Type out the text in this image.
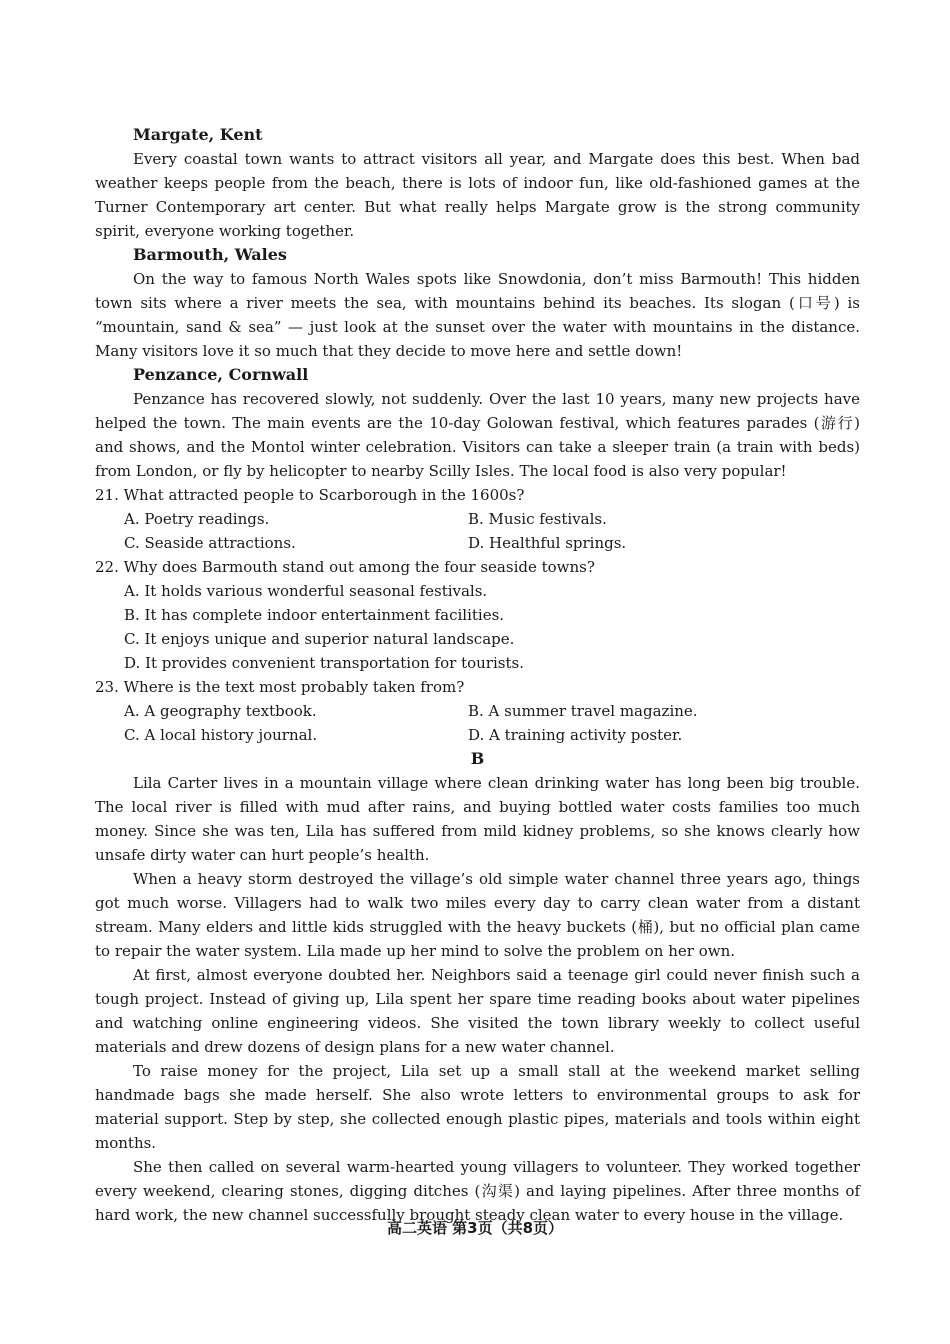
Margate, Kent

Every coastal town wants to attract visitors all year, and Margate does this best. When bad weather keeps people from the beach, there is lots of indoor fun, like old-fashioned games at the Turner Contemporary art center. But what really helps Margate grow is the strong community spirit, everyone working together.

Barmouth, Wales

On the way to famous North Wales spots like Snowdonia, don’t miss Barmouth! This hidden town sits where a river meets the sea, with mountains behind its beaches. Its slogan (口号) is “mountain, sand & sea” — just look at the sunset over the water with mountains in the distance. Many visitors love it so much that they decide to move here and settle down!

Penzance, Cornwall

Penzance has recovered slowly, not suddenly. Over the last 10 years, many new projects have helped the town. The main events are the 10-day Golowan festival, which features parades (游行) and shows, and the Montol winter celebration. Visitors can take a sleeper train (a train with beds) from London, or fly by helicopter to nearby Scilly Isles. The local food is also very popular!

21. What attracted people to Scarborough in the 1600s?
A. Poetry readings.	B. Music festivals.
C. Seaside attractions.	D. Healthful springs.
22. Why does Barmouth stand out among the four seaside towns?
A. It holds various wonderful seasonal festivals.
B. It has complete indoor entertainment facilities.
C. It enjoys unique and superior natural landscape.
D. It provides convenient transportation for tourists.
23. Where is the text most probably taken from?
A. A geography textbook.	B. A summer travel magazine.
C. A local history journal.	D. A training activity poster.
B

Lila Carter lives in a mountain village where clean drinking water has long been big trouble. The local river is filled with mud after rains, and buying bottled water costs families too much money. Since she was ten, Lila has suffered from mild kidney problems, so she knows clearly how unsafe dirty water can hurt people’s health.

When a heavy storm destroyed the village’s old simple water channel three years ago, things got much worse. Villagers had to walk two miles every day to carry clean water from a distant stream. Many elders and little kids struggled with the heavy buckets (桶), but no official plan came to repair the water system. Lila made up her mind to solve the problem on her own.

At first, almost everyone doubted her. Neighbors said a teenage girl could never finish such a tough project. Instead of giving up, Lila spent her spare time reading books about water pipelines and watching online engineering videos. She visited the town library weekly to collect useful materials and drew dozens of design plans for a new water channel.

To raise money for the project, Lila set up a small stall at the weekend market selling handmade bags she made herself. She also wrote letters to environmental groups to ask for material support. Step by step, she collected enough plastic pipes, materials and tools within eight months.

She then called on several warm-hearted young villagers to volunteer. They worked together every weekend, clearing stones, digging ditches (沟渠) and laying pipelines. After three months of hard work, the new channel successfully brought steady clean water to every house in the village.

高二英语 第3页（共8页）
